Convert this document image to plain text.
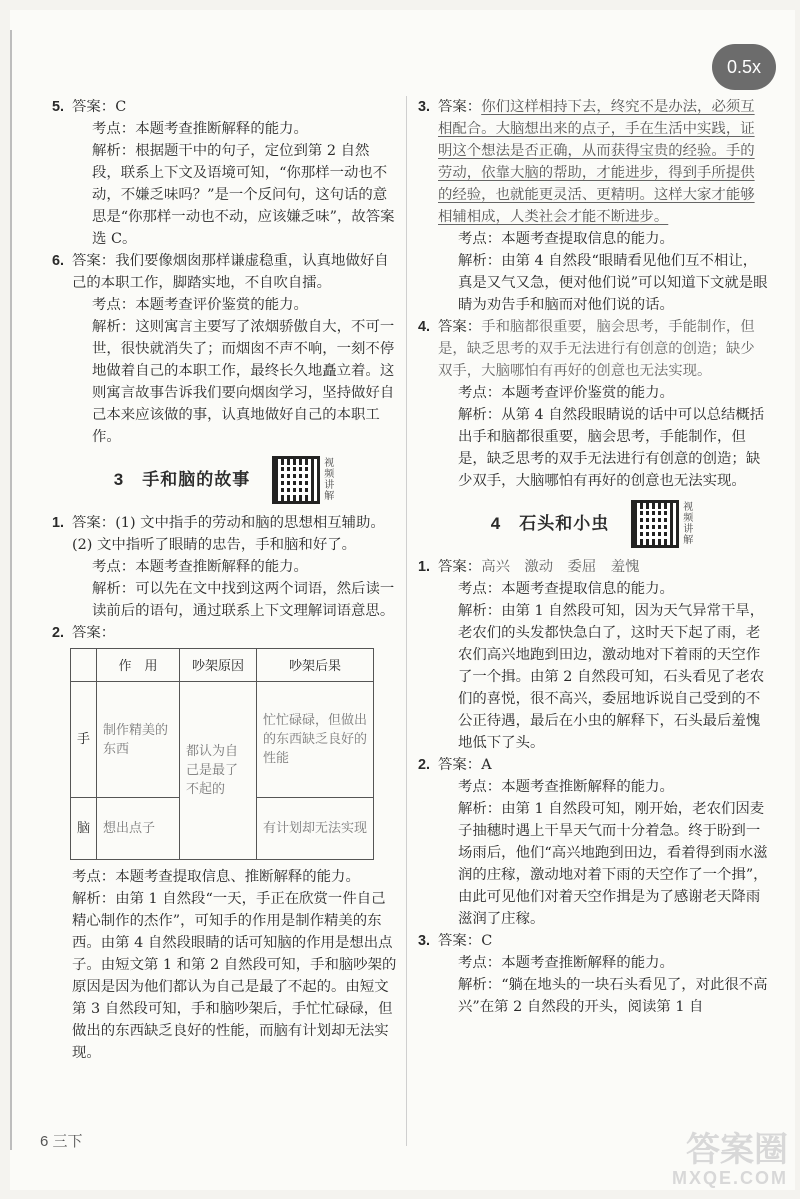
0.5x
5. 答案：C
考点：本题考查推断解释的能力。
解析：根据题干中的句子，定位到第 2 自然段，联系上下文及语境可知，“你那样一动也不动，不嫌乏味吗？”是一个反问句，这句话的意思是“你那样一动也不动，应该嫌乏味”，故答案选 C。
6. 答案：我们要像烟囱那样谦虚稳重，认真地做好自己的本职工作，脚踏实地，不自吹自擂。
考点：本题考查评价鉴赏的能力。
解析：这则寓言主要写了浓烟骄傲自大，不可一世，很快就消失了；而烟囱不声不响，一刻不停地做着自己的本职工作，最终长久地矗立着。这则寓言故事告诉我们要向烟囱学习，坚持做好自己本来应该做的事，认真地做好自己的本职工作。
3　手和脑的故事
视频讲解
1. 答案：(1) 文中指手的劳动和脑的思想相互辅助。　(2) 文中指听了眼睛的忠告，手和脑和好了。
考点：本题考查推断解释的能力。
解析：可以先在文中找到这两个词语，然后读一读前后的语句，通过联系上下文理解词语意思。
2. 答案：
	作　用	吵架原因	吵架后果
手	制作精美的东西	都认为自己是最了不起的	忙忙碌碌，但做出的东西缺乏良好的性能
脑	想出点子		有计划却无法实现
考点：本题考查提取信息、推断解释的能力。
解析：由第 1 自然段“一天，手正在欣赏一件自己精心制作的杰作”，可知手的作用是制作精美的东西。由第 4 自然段眼睛的话可知脑的作用是想出点子。由短文第 1 和第 2 自然段可知，手和脑吵架的原因是因为他们都认为自己是最了不起的。由短文第 3 自然段可知，手和脑吵架后，手忙忙碌碌，但做出的东西缺乏良好的性能，而脑有计划却无法实现。
3. 答案：你们这样相持下去，终究不是办法，必须互相配合。大脑想出来的点子，手在生活中实践，证明这个想法是否正确，从而获得宝贵的经验。手的劳动，依靠大脑的帮助，才能进步，得到手所提供的经验，也就能更灵活、更精明。这样大家才能够相辅相成，人类社会才能不断进步。
考点：本题考查提取信息的能力。
解析：由第 4 自然段“眼睛看见他们互不相让，真是又气又急，便对他们说”可以知道下文就是眼睛为劝告手和脑而对他们说的话。
4. 答案：手和脑都很重要，脑会思考，手能制作，但是，缺乏思考的双手无法进行有创意的创造；缺少双手，大脑哪怕有再好的创意也无法实现。
考点：本题考查评价鉴赏的能力。
解析：从第 4 自然段眼睛说的话中可以总结概括出手和脑都很重要，脑会思考，手能制作，但是，缺乏思考的双手无法进行有创意的创造；缺少双手，大脑哪怕有再好的创意也无法实现。
4　石头和小虫
视频讲解
1. 答案：高兴　激动　委屈　羞愧
考点：本题考查提取信息的能力。
解析：由第 1 自然段可知，因为天气异常干旱，老农们的头发都快急白了，这时天下起了雨，老农们高兴地跑到田边，激动地对下着雨的天空作了一个揖。由第 2 自然段可知，石头看见了老农们的喜悦，很不高兴，委屈地诉说自己受到的不公正待遇，最后在小虫的解释下，石头最后羞愧地低下了头。
2. 答案：A
考点：本题考查推断解释的能力。
解析：由第 1 自然段可知，刚开始，老农们因麦子抽穗时遇上干旱天气而十分着急。终于盼到一场雨后，他们“高兴地跑到田边，看着得到雨水滋润的庄稼，激动地对着下雨的天空作了一个揖”，由此可见他们对着天空作揖是为了感谢老天降雨滋润了庄稼。
3. 答案：C
考点：本题考查推断解释的能力。
解析：“躺在地头的一块石头看见了，对此很不高兴”在第 2 自然段的开头，阅读第 1 自
6 三下	答案圈
MXQE.COM
